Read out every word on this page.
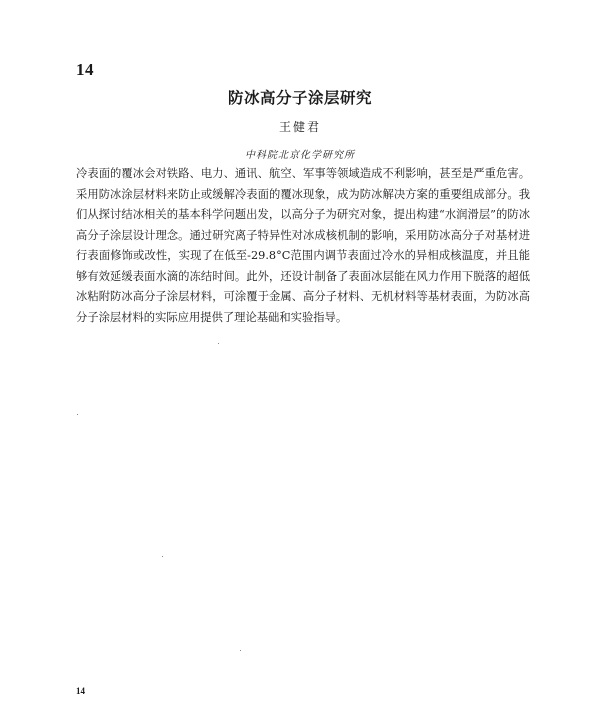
14
防冰高分子涂层研究
王健君
中科院北京化学研究所

冷表面的覆冰会对铁路、电力、通讯、航空、军事等领域造成不利影响，甚至是严重危害。采用防冰涂层材料来防止或缓解冷表面的覆冰现象，成为防冰解决方案的重要组成部分。我们从探讨结冰相关的基本科学问题出发，以高分子为研究对象，提出构建“水润滑层”的防冰高分子涂层设计理念。通过研究离子特异性对冰成核机制的影响，采用防冰高分子对基材进行表面修饰或改性，实现了在低至-29.8°C范围内调节表面过冷水的异相成核温度，并且能够有效延缓表面水滴的冻结时间。此外，还设计制备了表面冰层能在风力作用下脱落的超低冰粘附防冰高分子涂层材料，可涂覆于金属、高分子材料、无机材料等基材表面，为防冰高分子涂层材料的实际应用提供了理论基础和实验指导。

14
